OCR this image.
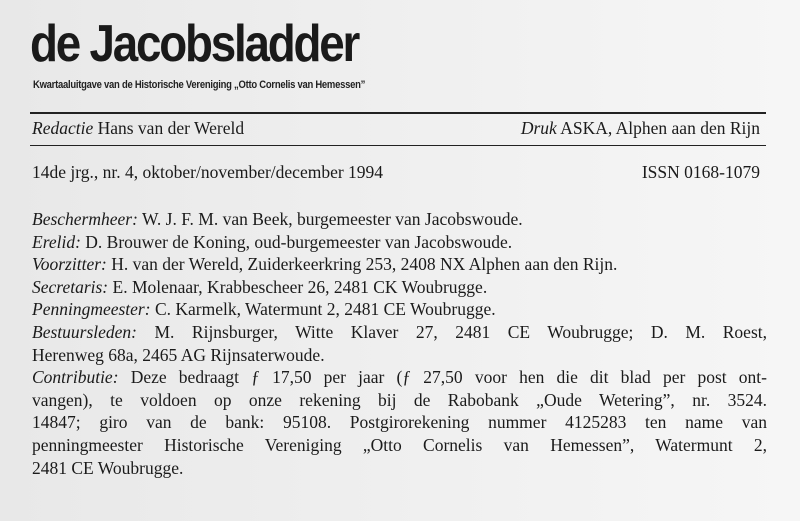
de Jacobsladder
Kwartaaluitgave van de Historische Vereniging „Otto Cornelis van Hemessen”
Redactie Hans van der Wereld	Druk ASKA, Alphen aan den Rijn
14de jrg., nr. 4, oktober/november/december 1994	ISSN 0168-1079
Beschermheer: W. J. F. M. van Beek, burgemeester van Jacobswoude.
Erelid: D. Brouwer de Koning, oud-burgemeester van Jacobswoude.
Voorzitter: H. van der Wereld, Zuiderkeerkring 253, 2408 NX Alphen aan den Rijn.
Secretaris: E. Molenaar, Krabbescheer 26, 2481 CK Woubrugge.
Penningmeester: C. Karmelk, Watermunt 2, 2481 CE Woubrugge.
Bestuursleden: M. Rijnsburger, Witte Klaver 27, 2481 CE Woubrugge; D. M. Roest,
Herenweg 68a, 2465 AG Rijnsaterwoude.
Contributie: Deze bedraagt ƒ 17,50 per jaar (ƒ 27,50 voor hen die dit blad per post ont-
vangen), te voldoen op onze rekening bij de Rabobank „Oude Wetering”, nr. 3524.
14847; giro van de bank: 95108. Postgirorekening nummer 4125283 ten name van
penningmeester Historische Vereniging „Otto Cornelis van Hemessen”, Watermunt 2,
2481 CE Woubrugge.
